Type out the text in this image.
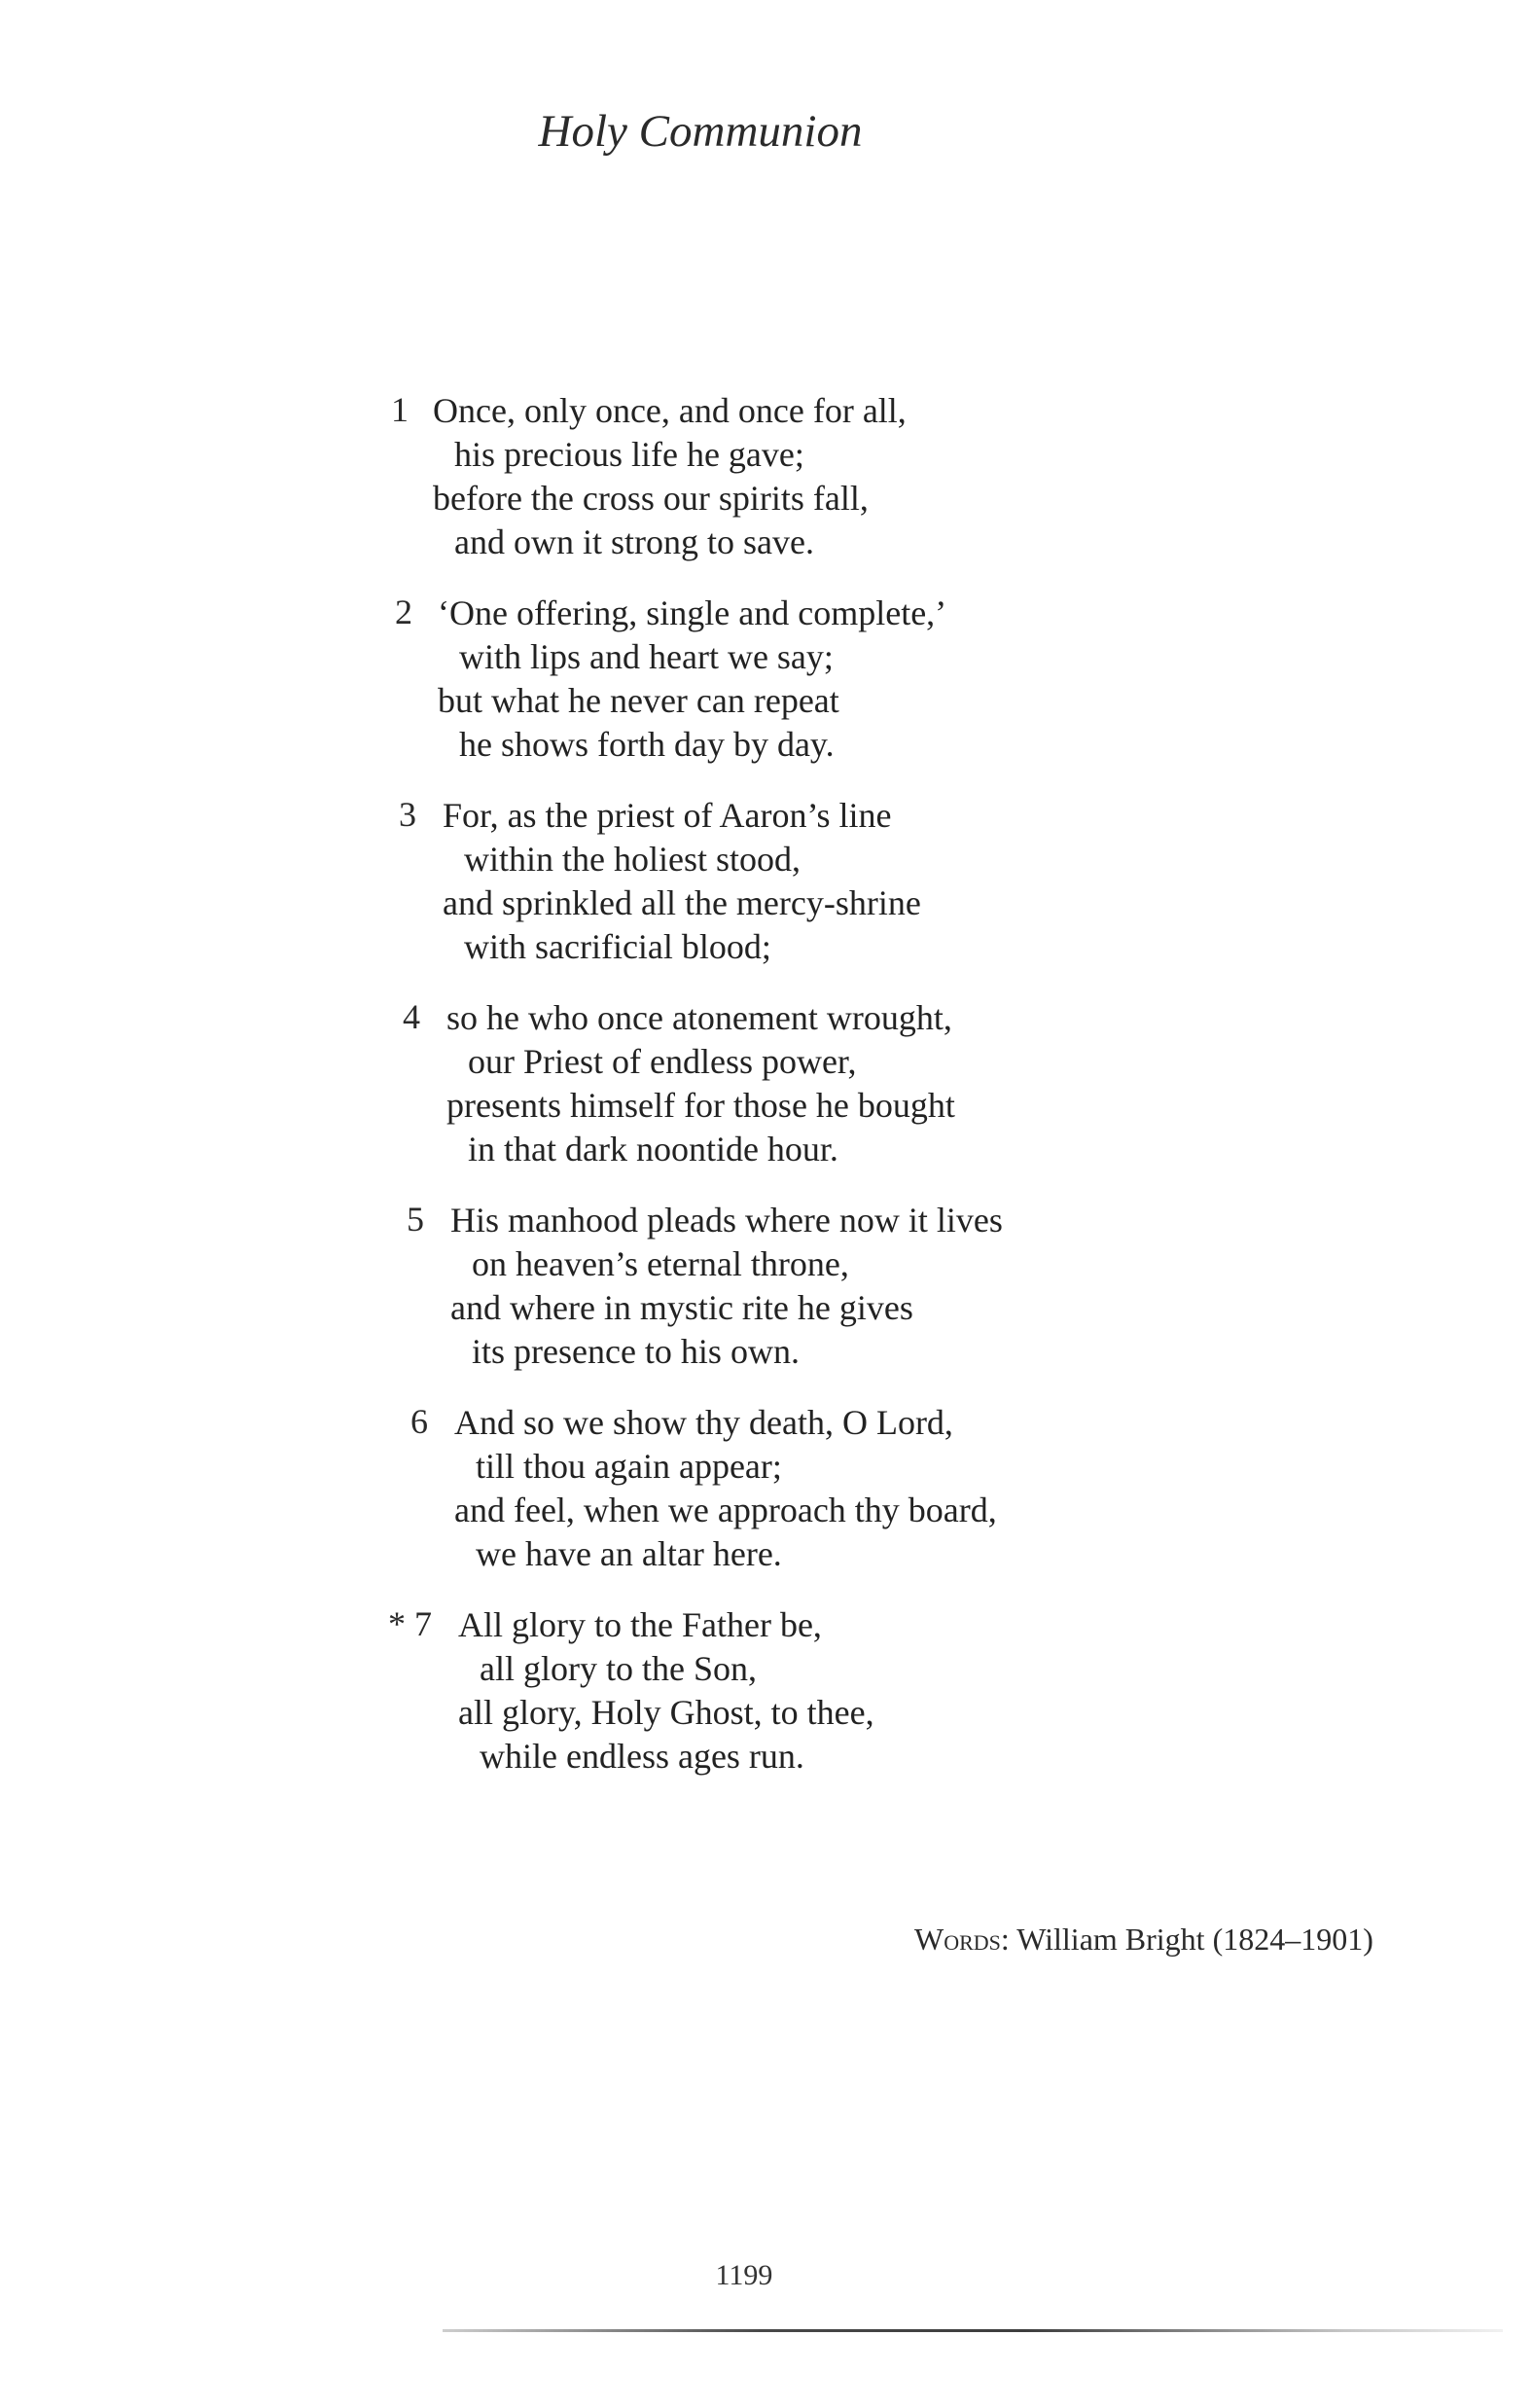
Holy Communion
1 Once, only once, and once for all,
his precious life he gave;
before the cross our spirits fall,
and own it strong to save.
2 ‘One offering, single and complete,’
with lips and heart we say;
but what he never can repeat
he shows forth day by day.
3 For, as the priest of Aaron’s line
within the holiest stood,
and sprinkled all the mercy-shrine
with sacrificial blood;
4 so he who once atonement wrought,
our Priest of endless power,
presents himself for those he bought
in that dark noontide hour.
5 His manhood pleads where now it lives
on heaven’s eternal throne,
and where in mystic rite he gives
its presence to his own.
6 And so we show thy death, O Lord,
till thou again appear;
and feel, when we approach thy board,
we have an altar here.
* 7 All glory to the Father be,
all glory to the Son,
all glory, Holy Ghost, to thee,
while endless ages run.
Words: William Bright (1824–1901)
1199
